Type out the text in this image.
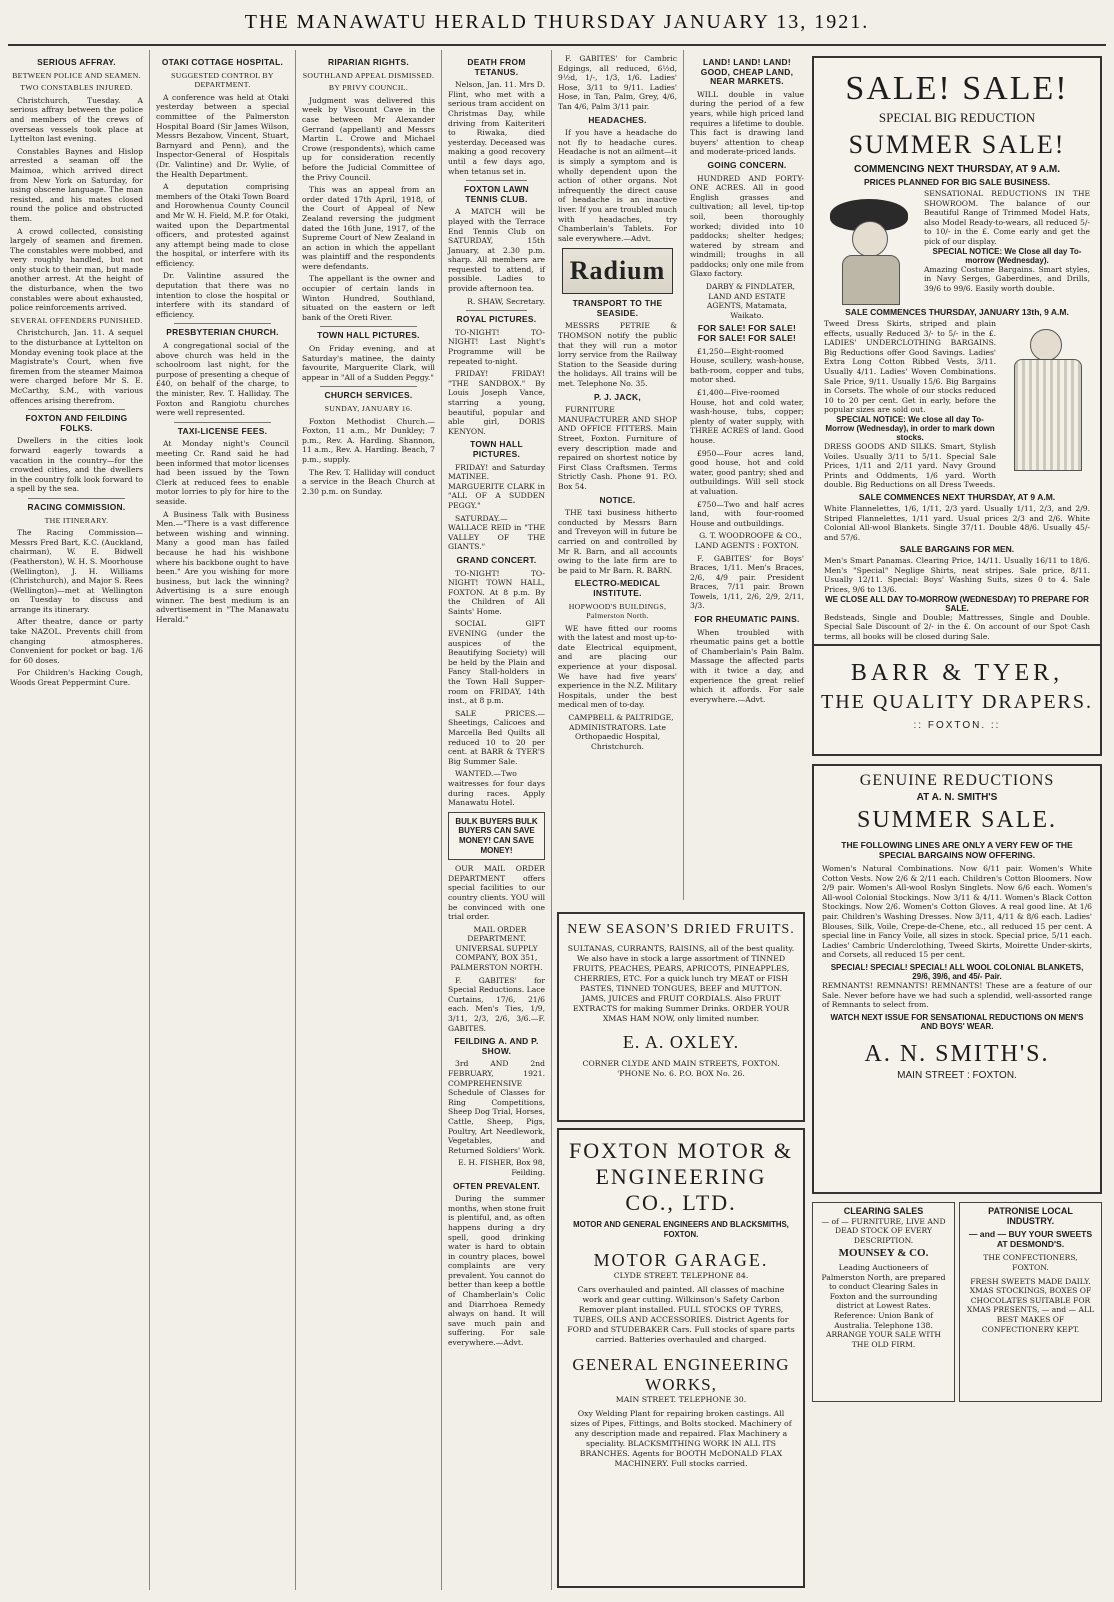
THE MANAWATU HERALD THURSDAY JANUARY 13, 1921.
SERIOUS AFFRAY.
BETWEEN POLICE AND SEAMEN.
TWO CONSTABLES INJURED.

Christchurch, Tuesday. A serious affray between the police and members of the crews of overseas vessels took place at Lyttelton last evening.

Constables Baynes and Hislop arrested a seaman off the Maimoa, which arrived direct from New York on Saturday, for using obscene language. The man resisted, and his mates closed round the police and obstructed them.

A crowd collected, consisting largely of seamen and firemen. The constables were mobbed, and very roughly handled, but not only stuck to their man, but made another arrest. At the height of the disturbance, when the two constables were about exhausted, police reinforcements arrived.

SEVERAL OFFENDERS PUNISHED.

Christchurch, Jan. 11. A sequel to the disturbance at Lyttelton on Monday evening took place at the Magistrate's Court, when five firemen from the steamer Maimoa were charged before Mr S. E. McCarthy, S.M., with various offences arising therefrom.

FOXTON AND FEILDING FOLKS.

Dwellers in the cities look forward eagerly towards a vacation in the country—for the crowded cities, and the dwellers in the country folk look forward to a spell by the sea.

RACING COMMISSION.
THE ITINERARY.

The Racing Commission—Messrs Fred Bart, K.C. (Auckland, chairman), W. E. Bidwell (Featherston), W. H. S. Moorhouse (Wellington), J. H. Williams (Christchurch), and Major S. Rees (Wellington)—met at Wellington on Tuesday to discuss and arrange its itinerary.

After theatre, dance or party take NAZOL. Prevents chill from changing atmospheres. Convenient for pocket or bag. 1/6 for 60 doses.

For Children's Hacking Cough, Woods Great Peppermint Cure.

OTAKI COTTAGE HOSPITAL.
SUGGESTED CONTROL BY DEPARTMENT.

A conference was held at Otaki yesterday between a special committee of the Palmerston Hospital Board (Sir James Wilson, Messrs Bezabow, Vincent, Stuart, Barnyard and Penn), and the Inspector-General of Hospitals (Dr. Valintine) and Dr. Wylie, of the Health Department.

A deputation comprising members of the Otaki Town Board and Horowhenua County Council and Mr W. H. Field, M.P. for Otaki, waited upon the Departmental officers, and protested against any attempt being made to close the hospital, or interfere with its efficiency.

Dr. Valintine assured the deputation that there was no intention to close the hospital or interfere with its standard of efficiency.

PRESBYTERIAN CHURCH.

A congregational social of the above church was held in the schoolroom last night, for the purpose of presenting a cheque of £40, on behalf of the charge, to the minister, Rev. T. Halliday. The Foxton and Rangiotu churches were well represented.

TAXI-LICENSE FEES.

At Monday night's Council meeting Cr. Rand said he had been informed that motor licenses had been issued by the Town Clerk at reduced fees to enable motor lorries to ply for hire to the seaside.

A Business Talk with Business Men.—"There is a vast difference between wishing and winning. Many a good man has failed because he had his wishbone where his backbone ought to have been." Are you wishing for more business, but lack the winning? Advertising is a sure enough winner. The best medium is an advertisement in "The Manawatu Herald."

RIPARIAN RIGHTS.
SOUTHLAND APPEAL DISMISSED.
BY PRIVY COUNCIL.

Judgment was delivered this week by Viscount Cave in the case between Mr Alexander Gerrand (appellant) and Messrs Martin L. Crowe and Michael Crowe (respondents), which came up for consideration recently before the Judicial Committee of the Privy Council.

This was an appeal from an order dated 17th April, 1918, of the Court of Appeal of New Zealand reversing the judgment dated the 16th June, 1917, of the Supreme Court of New Zealand in an action in which the appellant was plaintiff and the respondents were defendants.

The appellant is the owner and occupier of certain lands in Winton Hundred, Southland, situated on the eastern or left bank of the Oreti River.

TOWN HALL PICTURES.

On Friday evening, and at Saturday's matinee, the dainty favourite, Marguerite Clark, will appear in "All of a Sudden Peggy."

CHURCH SERVICES.
SUNDAY, JANUARY 16.

Foxton Methodist Church.—Foxton, 11 a.m., Mr Dunkley; 7 p.m., Rev. A. Harding. Shannon, 11 a.m., Rev. A. Harding. Beach, 7 p.m., supply.

The Rev. T. Halliday will conduct a service in the Beach Church at 2.30 p.m. on Sunday.

DEATH FROM TETANUS.

Nelson, Jan. 11. Mrs D. Flint, who met with a serious tram accident on Christmas Day, while driving from Kaiteriteri to Riwaka, died yesterday. Deceased was making a good recovery until a few days ago, when tetanus set in.

FOXTON LAWN TENNIS CLUB.

A MATCH will be played with the Terrace End Tennis Club on SATURDAY, 15th January, at 2.30 p.m. sharp. All members are requested to attend, if possible. Ladies to provide afternoon tea.

R. SHAW, Secretary.

ROYAL PICTURES.

TO-NIGHT! TO-NIGHT! Last Night's Programme will be repeated to-night.

FRIDAY! FRIDAY! "THE SANDBOX." By Louis Joseph Vance, starring a young, beautiful, popular and able girl, DORIS KENYON.

TOWN HALL PICTURES.

FRIDAY! and Saturday MATINEE. MARGUERITE CLARK in "ALL OF A SUDDEN PEGGY."

SATURDAY.—WALLACE REID in "THE VALLEY OF THE GIANTS."

GRAND CONCERT.

TO-NIGHT! TO-NIGHT! TOWN HALL, FOXTON. At 8 p.m. By the Children of All Saints' Home.

SOCIAL GIFT EVENING (under the auspices of the Beautifying Society) will be held by the Plain and Fancy Stall-holders in the Town Hall Supper-room on FRIDAY, 14th inst., at 8 p.m.

SALE PRICES.—Sheetings, Calicoes and Marcella Bed Quilts all reduced 10 to 20 per cent. at BARR & TYER'S Big Summer Sale.

WANTED.—Two waitresses for four days during races. Apply Manawatu Hotel.

BULK BUYERS BULK BUYERS CAN SAVE MONEY! CAN SAVE MONEY!

OUR MAIL ORDER DEPARTMENT offers special facilities to our country clients. YOU will be convinced with one trial order.

MAIL ORDER DEPARTMENT. UNIVERSAL SUPPLY COMPANY, BOX 351, PALMERSTON NORTH.

F. GABITES' for Special Reductions. Lace Curtains, 17/6, 21/6 each. Men's Ties, 1/9, 3/11, 2/3, 2/6, 3/6.—F. GABITES.

FEILDING A. AND P. SHOW.

3rd AND 2nd FEBRUARY, 1921. COMPREHENSIVE Schedule of Classes for Ring Competitions, Sheep Dog Trial, Horses, Cattle, Sheep, Pigs, Poultry, Art Needlework, Vegetables, and Returned Soldiers' Work.

E. H. FISHER, Box 98, Feilding.

OFTEN PREVALENT.

During the summer months, when stone fruit is plentiful, and, as often happens during a dry spell, good drinking water is hard to obtain in country places, bowel complaints are very prevalent. You cannot do better than keep a bottle of Chamberlain's Colic and Diarrhoea Remedy always on hand. It will save much pain and suffering. For sale everywhere.—Advt.

F. GABITES' for Cambric Edgings, all reduced, 6½d, 9½d, 1/-, 1/3, 1/6. Ladies' Hose, 3/11 to 9/11. Ladies' Hose, in Tan, Palm, Grey, 4/6, Tan 4/6, Palm 3/11 pair.

HEADACHES.

If you have a headache do not fly to headache cures. Headache is not an ailment—it is simply a symptom and is wholly dependent upon the action of other organs. Not infrequently the direct cause of headache is an inactive liver. If you are troubled much with headaches, try Chamberlain's Tablets. For sale everywhere.—Advt.

Radium
TRANSPORT TO THE SEASIDE.

MESSRS PETRIE & THOMSON notify the public that they will run a motor lorry service from the Railway Station to the Seaside during the holidays. All trains will be met. Telephone No. 35.

P. J. JACK,

FURNITURE MANUFACTURER AND SHOP AND OFFICE FITTERS. Main Street, Foxton. Furniture of every description made and repaired on shortest notice by First Class Craftsmen. Terms Strictly Cash. Phone 91. P.O. Box 54.

NOTICE.

THE taxi business hitherto conducted by Messrs Barn and Treveyon will in future be carried on and controlled by Mr R. Barn, and all accounts owing to the late firm are to be paid to Mr Barn. R. BARN.

ELECTRO-MEDICAL INSTITUTE.
HOPWOOD'S BUILDINGS, Palmerston North.

WE have fitted our rooms with the latest and most up-to-date Electrical equipment, and are placing our experience at your disposal. We have had five years' experience in the N.Z. Military Hospitals, under the best medical men of to-day.

CAMPBELL & PALTRIDGE, ADMINISTRATORS. Late Orthopaedic Hospital, Christchurch.

LAND! LAND! LAND! GOOD, CHEAP LAND, NEAR MARKETS.

WILL double in value during the period of a few years, while high priced land requires a lifetime to double. This fact is drawing land buyers' attention to cheap and moderate-priced lands.

GOING CONCERN.

HUNDRED AND FORTY-ONE ACRES. All in good English grasses and cultivation; all level, tip-top soil, been thoroughly worked; divided into 10 paddocks; shelter hedges; watered by stream and windmill; troughs in all paddocks; only one mile from Glaxo factory.

DARBY & FINDLATER, LAND AND ESTATE AGENTS, Matamata, Waikato.

FOR SALE! FOR SALE! FOR SALE! FOR SALE!

£1,250—Eight-roomed House, scullery, wash-house, bath-room, copper and tubs, motor shed.

£1,400—Five-roomed House, hot and cold water, wash-house, tubs, copper; plenty of water supply, with THREE ACRES of land. Good house.

£950—Four acres land, good house, hot and cold water, good pantry; shed and outbuildings. Will sell stock at valuation.

£750—Two and half acres land, with four-roomed House and outbuildings.

G. T. WOODROOFE & CO., LAND AGENTS : FOXTON.

F. GABITES' for Boys' Braces, 1/11. Men's Braces, 2/6, 4/9 pair. President Braces, 7/11 pair. Brown Towels, 1/11, 2/6, 2/9, 2/11, 3/3.

FOR RHEUMATIC PAINS.

When troubled with rheumatic pains get a bottle of Chamberlain's Pain Balm. Massage the affected parts with it twice a day, and experience the great relief which it affords. For sale everywhere.—Advt.

NEW SEASON'S DRIED FRUITS.
SULTANAS, CURRANTS, RAISINS, all of the best quality. We also have in stock a large assortment of TINNED FRUITS, PEACHES, PEARS, APRICOTS, PINEAPPLES, CHERRIES, ETC. For a quick lunch try MEAT or FISH PASTES, TINNED TONGUES, BEEF and MUTTON. JAMS, JUICES and FRUIT CORDIALS. Also FRUIT EXTRACTS for making Summer Drinks. ORDER YOUR XMAS HAM NOW, only limited number.
E. A. OXLEY.
CORNER CLYDE AND MAIN STREETS, FOXTON. 'PHONE No. 6. P.O. BOX No. 26.
FOXTON MOTOR & ENGINEERING CO., LTD.
MOTOR AND GENERAL ENGINEERS AND BLACKSMITHS, FOXTON.
MOTOR GARAGE.
CLYDE STREET. TELEPHONE 84.
Cars overhauled and painted. All classes of machine work and gear cutting. Wilkinson's Safety Carbon Remover plant installed. FULL STOCKS OF TYRES, TUBES, OILS AND ACCESSORIES. District Agents for FORD and STUDEBAKER Cars. Full stocks of spare parts carried. Batteries overhauled and charged.
GENERAL ENGINEERING WORKS,
MAIN STREET. TELEPHONE 30.
Oxy Welding Plant for repairing broken castings. All sizes of Pipes, Fittings, and Bolts stocked. Machinery of any description made and repaired. Flax Machinery a speciality. BLACKSMITHING WORK IN ALL ITS BRANCHES. Agents for BOOTH McDONALD FLAX MACHINERY. Full stocks carried.
SALE! SALE!
SPECIAL BIG REDUCTION
SUMMER SALE!
COMMENCING NEXT THURSDAY, AT 9 A.M.
PRICES PLANNED FOR BIG SALE BUSINESS.
SENSATIONAL REDUCTIONS IN THE SHOWROOM. The balance of our Beautiful Range of Trimmed Model Hats, also Model Ready-to-wears, all reduced 5/- to 10/- in the £. Come early and get the pick of our display.
SPECIAL NOTICE: We Close all day To-morrow (Wednesday).
Amazing Costume Bargains. Smart styles, in Navy Serges, Gaberdines, and Drills, 39/6 to 99/6. Easily worth double.
SALE COMMENCES THURSDAY, JANUARY 13th, 9 A.M.
Tweed Dress Skirts, striped and plain effects, usually Reduced 3/- to 5/- in the £. LADIES' UNDERCLOTHING BARGAINS. Big Reductions offer Good Savings. Ladies' Extra Long Cotton Ribbed Vests, 3/11. Usually 4/11. Ladies' Woven Combinations. Sale Price, 9/11. Usually 15/6. Big Bargains in Corsets. The whole of our stocks reduced 10 to 20 per cent. Get in early, before the popular sizes are sold out.
SPECIAL NOTICE: We close all day To-Morrow (Wednesday), in order to mark down stocks.
DRESS GOODS AND SILKS. Smart, Stylish Voiles. Usually 3/11 to 5/11. Special Sale Prices, 1/11 and 2/11 yard. Navy Ground Prints and Oddments, 1/6 yard. Worth double. Big Reductions on all Dress Tweeds.
SALE COMMENCES NEXT THURSDAY, AT 9 A.M.
White Flannelettes, 1/6, 1/11, 2/3 yard. Usually 1/11, 2/3, and 2/9. Striped Flannelettes, 1/11 yard. Usual prices 2/3 and 2/6. White Colonial All-wool Blankets. Single 37/11. Double 48/6. Usually 45/- and 57/6.
SALE BARGAINS FOR MEN.
Men's Smart Panamas. Clearing Price, 14/11. Usually 16/11 to 18/6. Men's "Special" Neglige Shirts, neat stripes. Sale price, 8/11. Usually 12/11. Special: Boys' Washing Suits, sizes 0 to 4. Sale Prices, 9/6 to 13/6.
WE CLOSE ALL DAY TO-MORROW (WEDNESDAY) TO PREPARE FOR SALE.
Bedsteads, Single and Double; Mattresses, Single and Double. Special Sale Discount of 2/- in the £. On account of our Spot Cash terms, all books will be closed during Sale.
BARR & TYER,
THE QUALITY DRAPERS.
:: FOXTON. ::
GENUINE REDUCTIONS
AT A. N. SMITH'S
SUMMER SALE.
THE FOLLOWING LINES ARE ONLY A VERY FEW OF THE SPECIAL BARGAINS NOW OFFERING.
Women's Natural Combinations. Now 6/11 pair. Women's White Cotton Vests. Now 2/6 & 2/11 each. Children's Cotton Bloomers. Now 2/9 pair. Women's All-wool Roslyn Singlets. Now 6/6 each. Women's All-wool Colonial Stockings. Now 3/11 & 4/11. Women's Black Cotton Stockings. Now 2/6. Women's Cotton Gloves. A real good line. At 1/6 pair. Children's Washing Dresses. Now 3/11, 4/11 & 8/6 each. Ladies' Blouses, Silk, Voile, Crepe-de-Chene, etc., all reduced 15 per cent. A special line in Fancy Voile, all sizes in stock. Special price, 5/11 each. Ladies' Cambric Underclothing, Tweed Skirts, Moirette Under-skirts, and Corsets, all reduced 15 per cent.
SPECIAL! SPECIAL! SPECIAL! ALL WOOL COLONIAL BLANKETS, 29/6, 39/6, and 45/- Pair.
REMNANTS! REMNANTS! REMNANTS! These are a feature of our Sale. Never before have we had such a splendid, well-assorted range of Remnants to select from.
WATCH NEXT ISSUE FOR SENSATIONAL REDUCTIONS ON MEN'S AND BOYS' WEAR.
A. N. SMITH'S.
MAIN STREET : FOXTON.
CLEARING SALES
— of — FURNITURE, LIVE AND DEAD STOCK OF EVERY DESCRIPTION.
MOUNSEY & CO.
Leading Auctioneers of Palmerston North, are prepared to conduct Clearing Sales in Foxton and the surrounding district at Lowest Rates. Reference: Union Bank of Australia. Telephone 138. ARRANGE YOUR SALE WITH THE OLD FIRM.
PATRONISE LOCAL INDUSTRY.
— and — BUY YOUR SWEETS AT DESMOND'S.
THE CONFECTIONERS, FOXTON.
FRESH SWEETS MADE DAILY. XMAS STOCKINGS, BOXES OF CHOCOLATES SUITABLE FOR XMAS PRESENTS, — and — ALL BEST MAKES OF CONFECTIONERY KEPT.
